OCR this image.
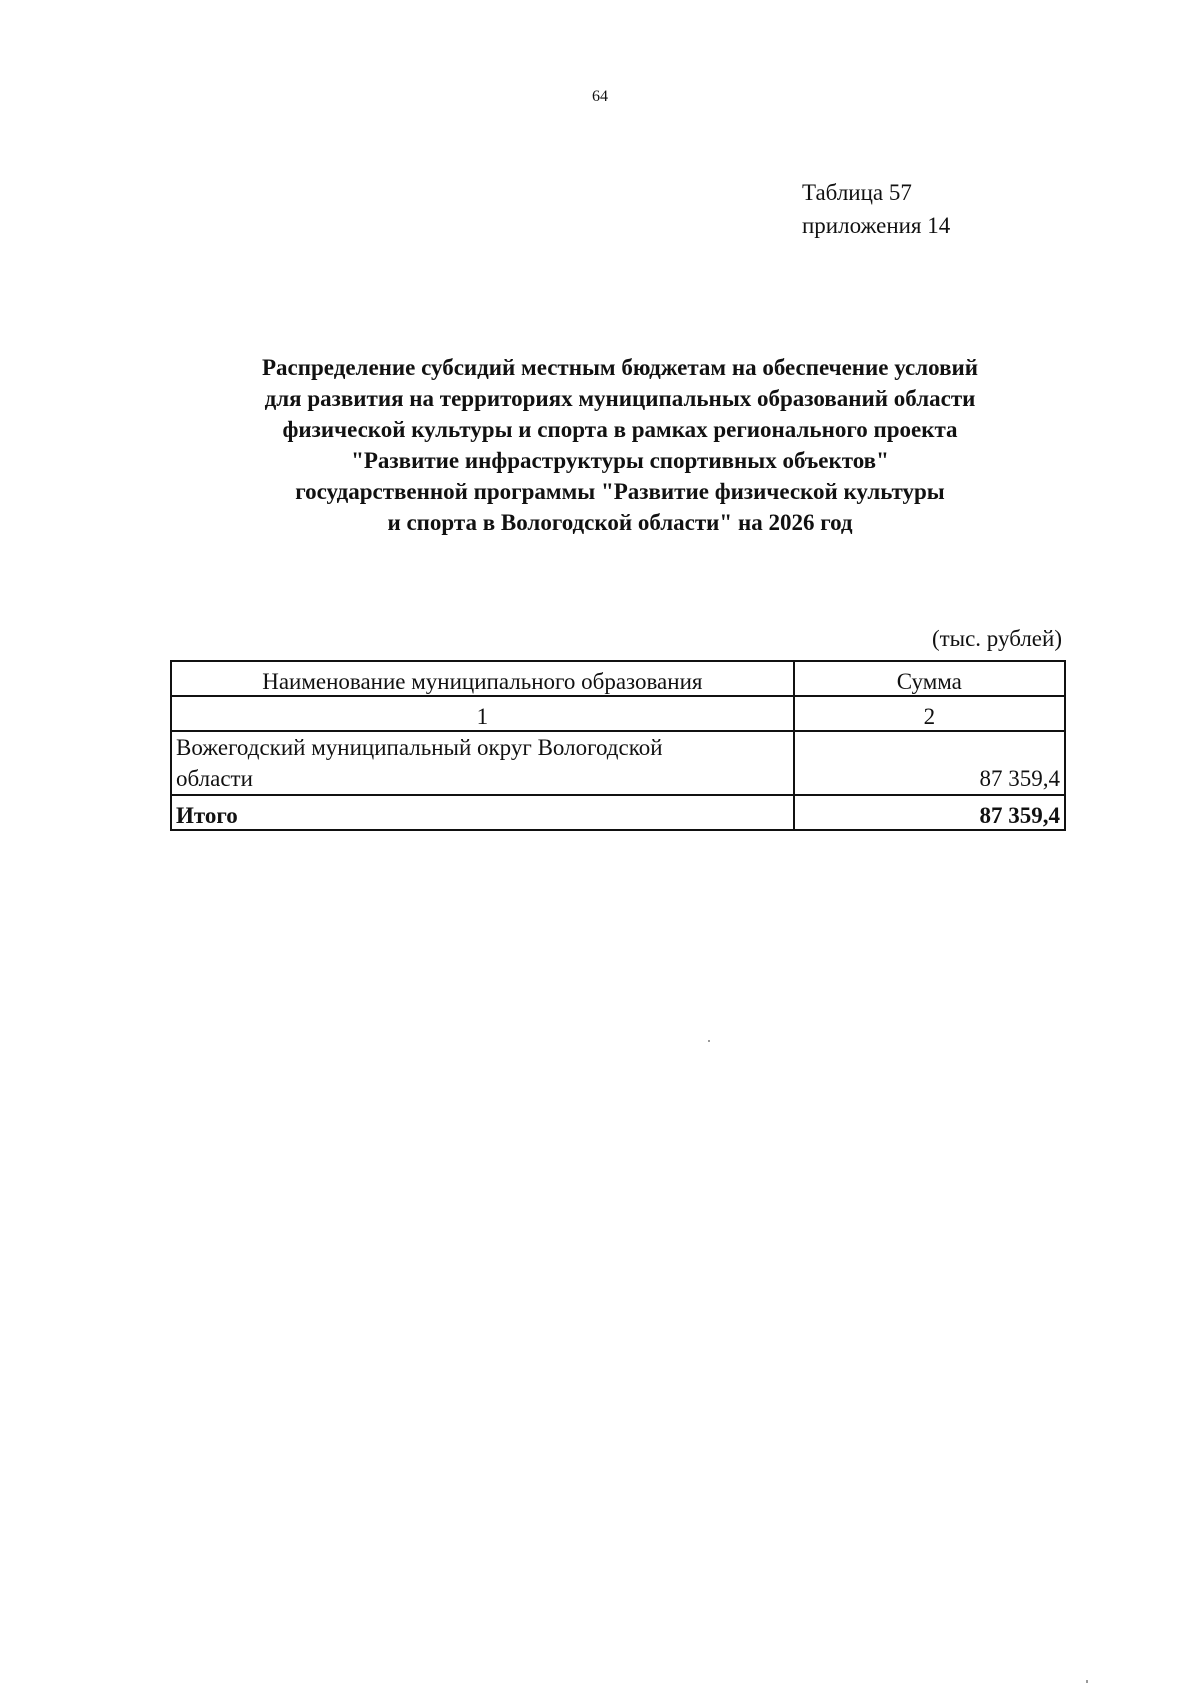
64
Таблица 57
приложения 14
Распределение субсидий местным бюджетам на обеспечение условий
для развития на территориях муниципальных образований области
физической культуры и спорта в рамках регионального проекта
"Развитие инфраструктуры спортивных объектов"
государственной программы "Развитие физической культуры
и спорта в Вологодской области" на 2026 год
(тыс. рублей)
Наименование муниципального образования	Сумма
1	2

Вожегодский муниципальный округ Вологодской
области	87 359,4
Итого	87 359,4
